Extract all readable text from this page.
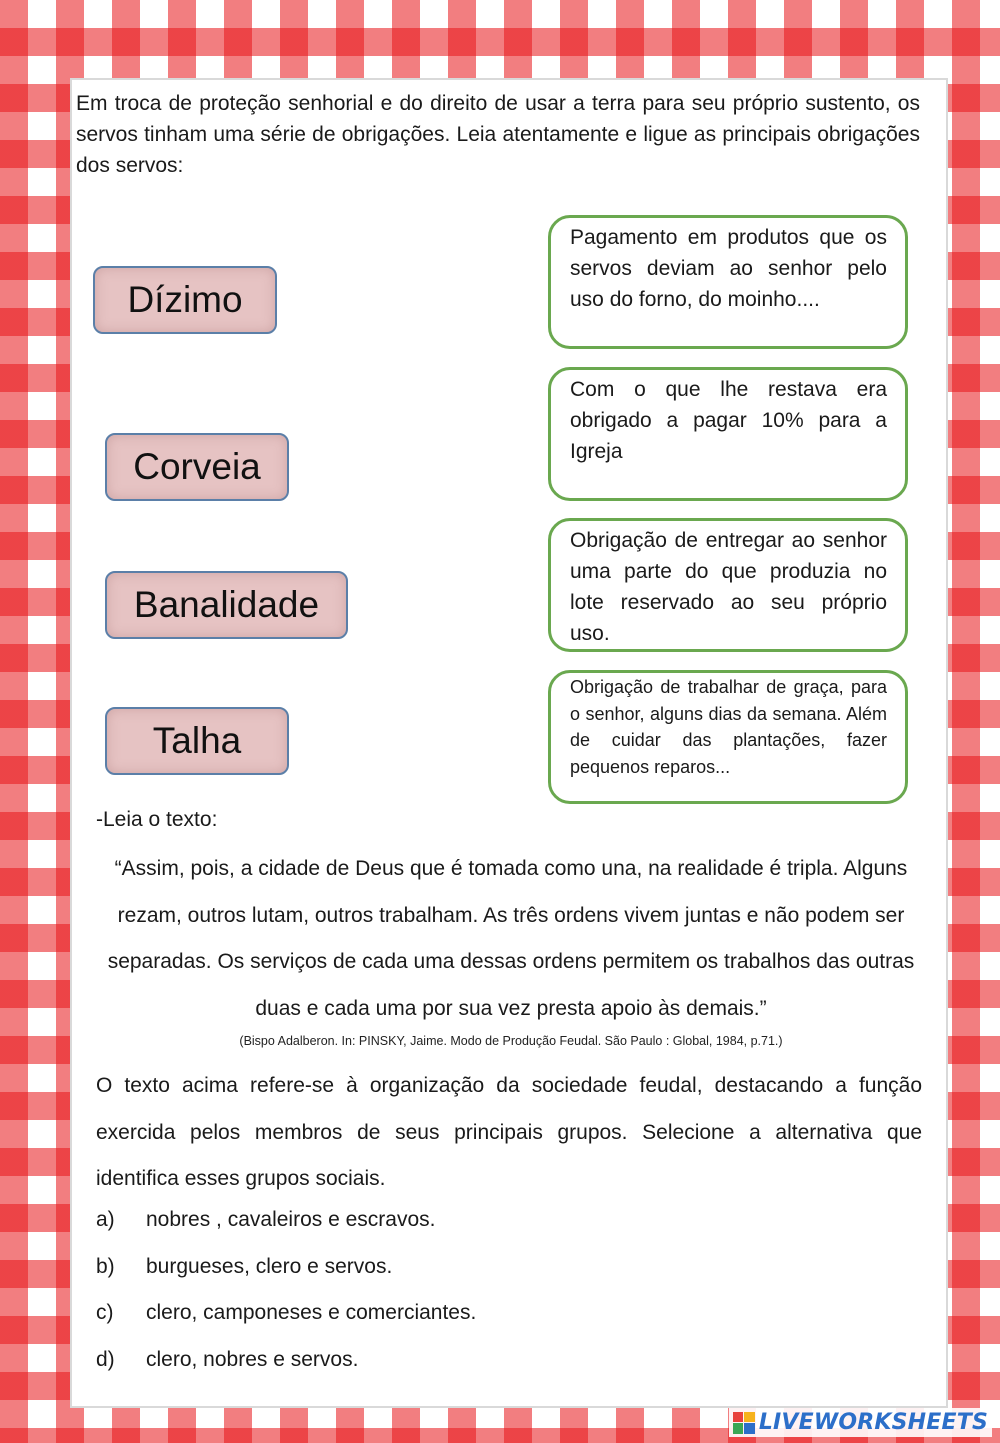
Em troca de proteção senhorial e do direito de usar a terra para seu próprio sustento, os servos tinham uma série de obrigações. Leia atentamente e ligue as principais obrigações dos servos:

Dízimo
Corveia
Banalidade
Talha
Pagamento em produtos que os servos deviam ao senhor pelo uso do forno, do moinho....
Com o que lhe restava era obrigado a pagar 10% para a Igreja
Obrigação de entregar ao senhor uma parte do que produzia no lote reservado ao seu próprio uso.
Obrigação de trabalhar de graça, para o senhor, alguns dias da semana. Além de cuidar das plantações, fazer pequenos reparos...
-Leia o texto:
“Assim, pois, a cidade de Deus que é tomada como una, na realidade é tripla. Alguns rezam, outros lutam, outros trabalham. As três ordens vivem juntas e não podem ser separadas. Os serviços de cada uma dessas ordens permitem os trabalhos das outras duas e cada uma por sua vez presta apoio às demais.”
(Bispo Adalberon. In: PINSKY, Jaime. Modo de Produção Feudal. São Paulo : Global, 1984, p.71.)
O texto acima refere-se à organização da sociedade feudal, destacando a função exercida pelos membros de seus principais grupos. Selecione a alternativa que identifica esses grupos sociais.
a)	nobres , cavaleiros e escravos.
b)	burgueses, clero e servos.
c)	clero, camponeses e comerciantes.
d)	clero, nobres e servos.
LIVEWORKSHEETS
